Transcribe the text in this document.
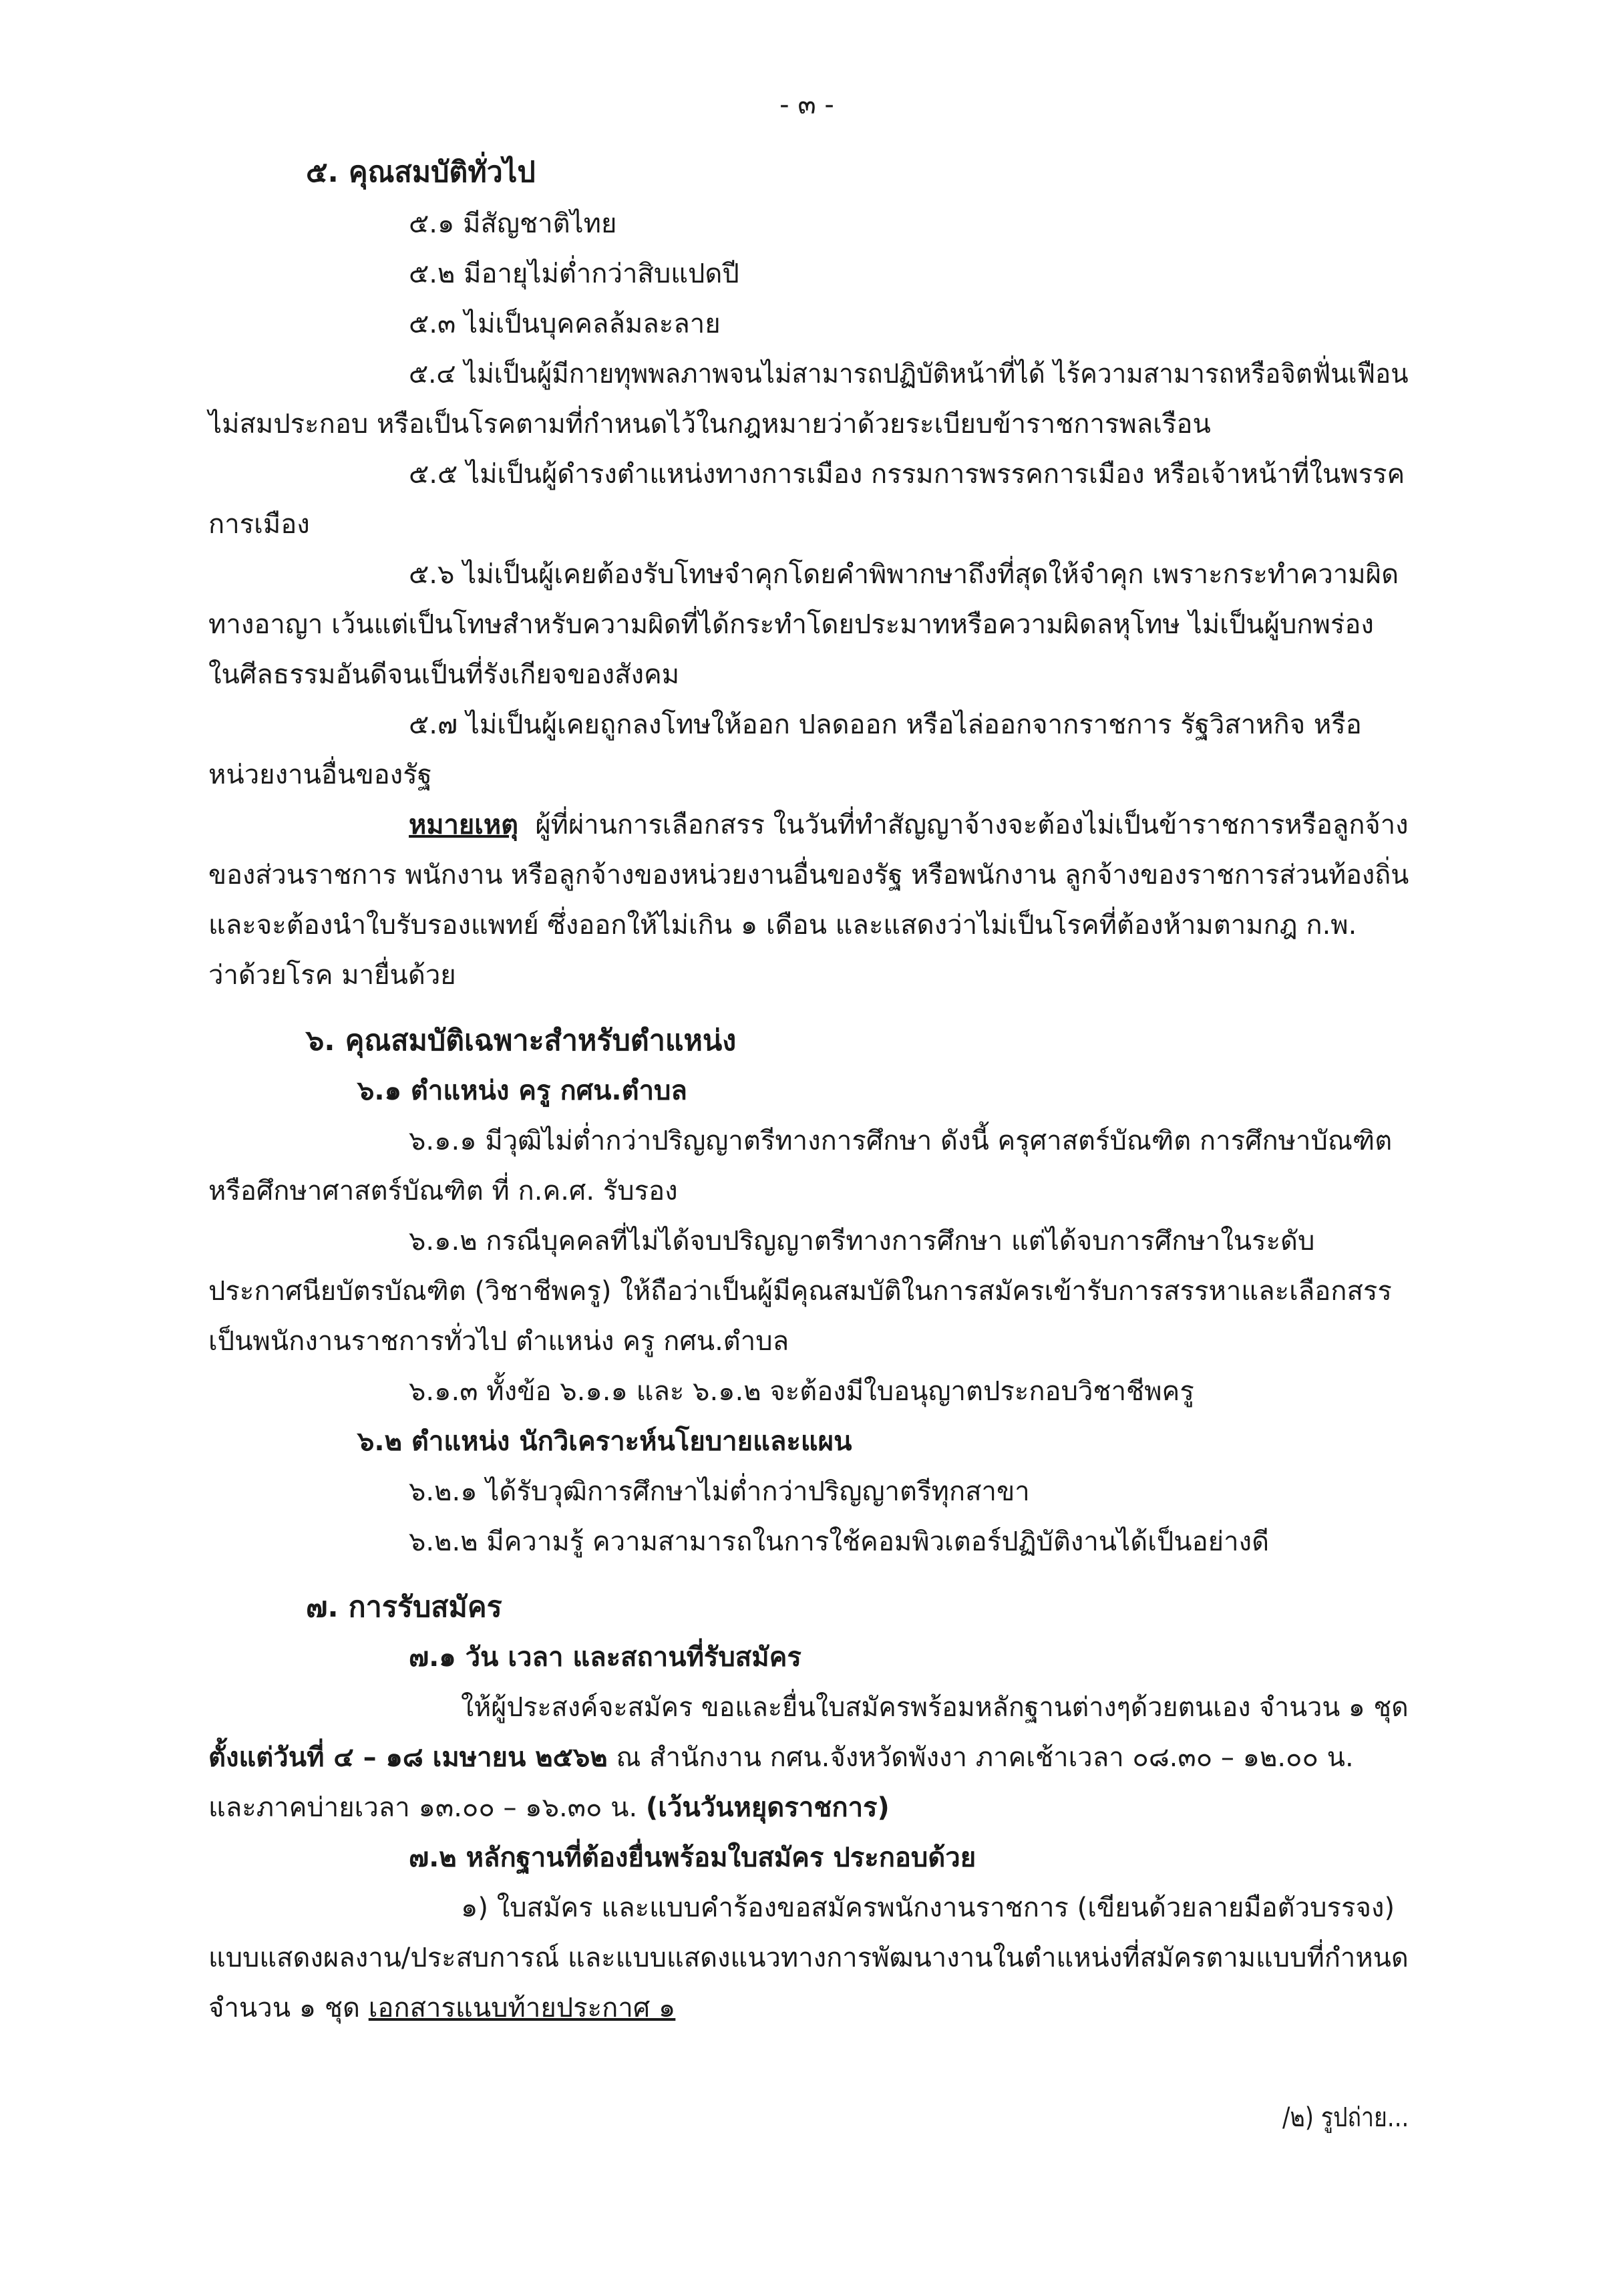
- ๓ -

๕. คุณสมบัติทั่วไป

๕.๑ มีสัญชาติไทย

๕.๒ มีอายุไม่ต่ำกว่าสิบแปดปี

๕.๓ ไม่เป็นบุคคลล้มละลาย

๕.๔ ไม่เป็นผู้มีกายทุพพลภาพจนไม่สามารถปฏิบัติหน้าที่ได้ ไร้ความสามารถหรือจิตฟั่นเฟือน

ไม่สมประกอบ หรือเป็นโรคตามที่กำหนดไว้ในกฎหมายว่าด้วยระเบียบข้าราชการพลเรือน

๕.๕ ไม่เป็นผู้ดำรงตำแหน่งทางการเมือง กรรมการพรรคการเมือง หรือเจ้าหน้าที่ในพรรค

การเมือง

๕.๖ ไม่เป็นผู้เคยต้องรับโทษจำคุกโดยคำพิพากษาถึงที่สุดให้จำคุก เพราะกระทำความผิด

ทางอาญา เว้นแต่เป็นโทษสำหรับความผิดที่ได้กระทำโดยประมาทหรือความผิดลหุโทษ ไม่เป็นผู้บกพร่อง

ในศีลธรรมอันดีจนเป็นที่รังเกียจของสังคม

๕.๗ ไม่เป็นผู้เคยถูกลงโทษให้ออก ปลดออก หรือไล่ออกจากราชการ รัฐวิสาหกิจ หรือ

หน่วยงานอื่นของรัฐ

หมายเหตุ ผู้ที่ผ่านการเลือกสรร ในวันที่ทำสัญญาจ้างจะต้องไม่เป็นข้าราชการหรือลูกจ้าง

ของส่วนราชการ พนักงาน หรือลูกจ้างของหน่วยงานอื่นของรัฐ หรือพนักงาน ลูกจ้างของราชการส่วนท้องถิ่น

และจะต้องนำใบรับรองแพทย์ ซึ่งออกให้ไม่เกิน ๑ เดือน และแสดงว่าไม่เป็นโรคที่ต้องห้ามตามกฎ ก.พ.

ว่าด้วยโรค มายื่นด้วย

๖. คุณสมบัติเฉพาะสำหรับตำแหน่ง

๖.๑ ตำแหน่ง ครู กศน.ตำบล

๖.๑.๑ มีวุฒิไม่ต่ำกว่าปริญญาตรีทางการศึกษา ดังนี้ ครุศาสตร์บัณฑิต การศึกษาบัณฑิต

หรือศึกษาศาสตร์บัณฑิต ที่ ก.ค.ศ. รับรอง

๖.๑.๒ กรณีบุคคลที่ไม่ได้จบปริญญาตรีทางการศึกษา แต่ได้จบการศึกษาในระดับ

ประกาศนียบัตรบัณฑิต (วิชาชีพครู) ให้ถือว่าเป็นผู้มีคุณสมบัติในการสมัครเข้ารับการสรรหาและเลือกสรร

เป็นพนักงานราชการทั่วไป ตำแหน่ง ครู กศน.ตำบล

๖.๑.๓ ทั้งข้อ ๖.๑.๑ และ ๖.๑.๒ จะต้องมีใบอนุญาตประกอบวิชาชีพครู

๖.๒ ตำแหน่ง นักวิเคราะห์นโยบายและแผน

๖.๒.๑ ได้รับวุฒิการศึกษาไม่ต่ำกว่าปริญญาตรีทุกสาขา

๖.๒.๒ มีความรู้ ความสามารถในการใช้คอมพิวเตอร์ปฏิบัติงานได้เป็นอย่างดี

๗. การรับสมัคร

๗.๑ วัน เวลา และสถานที่รับสมัคร

ให้ผู้ประสงค์จะสมัคร ขอและยื่นใบสมัครพร้อมหลักฐานต่างๆด้วยตนเอง จำนวน ๑ ชุด

ตั้งแต่วันที่ ๔ – ๑๘ เมษายน ๒๕๖๒ ณ สำนักงาน กศน.จังหวัดพังงา ภาคเช้าเวลา ๐๘.๓๐ – ๑๒.๐๐ น.

และภาคบ่ายเวลา ๑๓.๐๐ – ๑๖.๓๐ น. (เว้นวันหยุดราชการ)

๗.๒ หลักฐานที่ต้องยื่นพร้อมใบสมัคร ประกอบด้วย

๑) ใบสมัคร และแบบคำร้องขอสมัครพนักงานราชการ (เขียนด้วยลายมือตัวบรรจง)

แบบแสดงผลงาน/ประสบการณ์ และแบบแสดงแนวทางการพัฒนางานในตำแหน่งที่สมัครตามแบบที่กำหนด

จำนวน ๑ ชุด เอกสารแนบท้ายประกาศ ๑

/๒) รูปถ่าย...
